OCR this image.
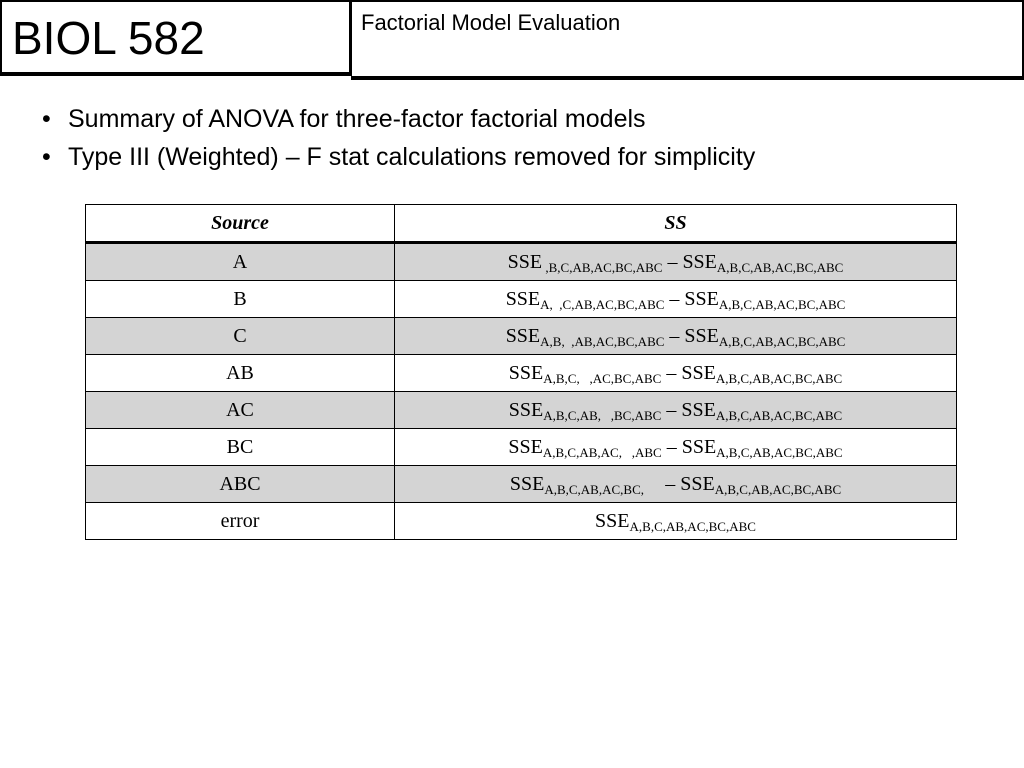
BIOL 582	Factorial Model Evaluation
• Summary of ANOVA for three-factor factorial models
• Type III (Weighted) – F stat calculations removed for simplicity
Source	SS
A	SSE $_{,B,C,AB,AC,BC,ABC} - SSE_{A,B,C,AB,AC,BC,ABC}$
B	$SSE_{A, ,C,AB,AC,BC,ABC} - SSE_{A,B,C,AB,AC,BC,ABC}$
C	$SSE_{A,B, ,AB,AC,BC,ABC} - SSE_{A,B,C,AB,AC,BC,ABC}$
AB	$SSE_{A,B,C, ,AC,BC,ABC} - SSE_{A,B,C,AB,AC,BC,ABC}$
AC	$SSE_{A,B,C,AB, ,BC,ABC} - SSE_{A,B,C,AB,AC,BC,ABC}$
BC	$SSE_{A,B,C,AB,AC, ,ABC} - SSE_{A,B,C,AB,AC,BC,ABC}$
ABC	$SSE_{A,B,C,AB,AC,BC,}$      – $SSE_{A,B,C,AB,AC,BC,ABC}$
error	$SSE_{A,B,C,AB,AC,BC,ABC}$
